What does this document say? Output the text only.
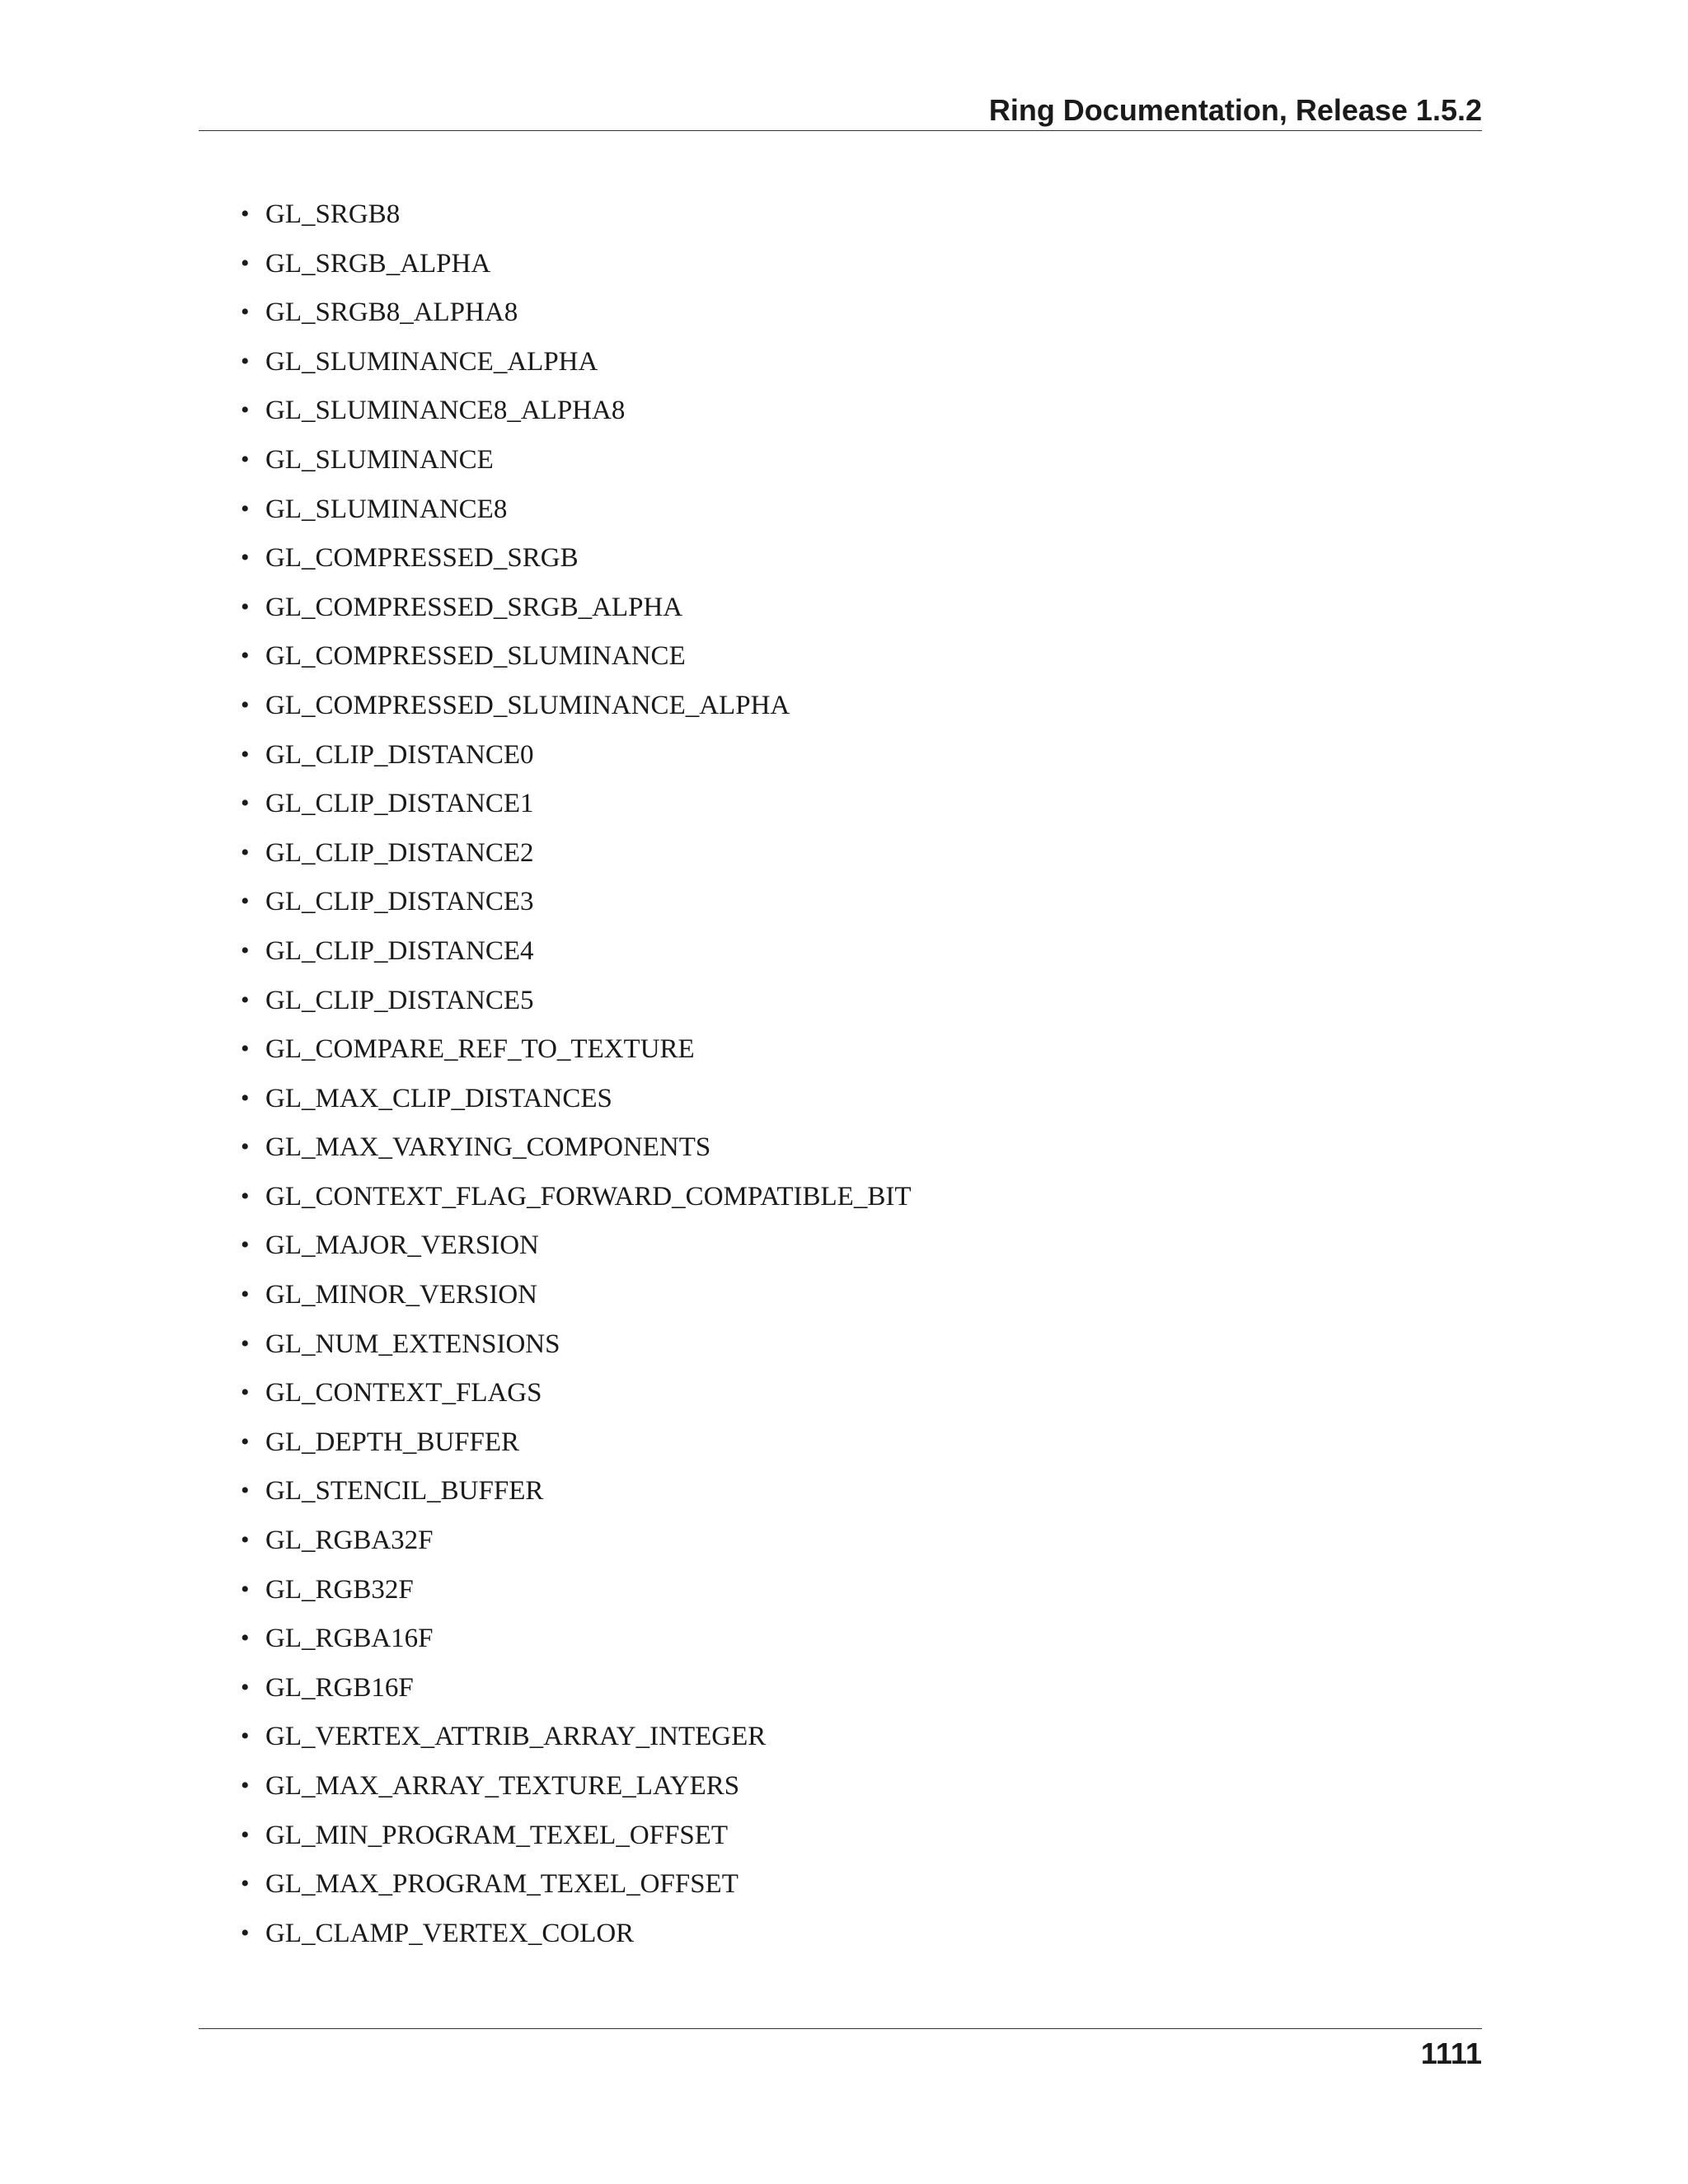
Ring Documentation, Release 1.5.2
• GL_SRGB8
• GL_SRGB_ALPHA
• GL_SRGB8_ALPHA8
• GL_SLUMINANCE_ALPHA
• GL_SLUMINANCE8_ALPHA8
• GL_SLUMINANCE
• GL_SLUMINANCE8
• GL_COMPRESSED_SRGB
• GL_COMPRESSED_SRGB_ALPHA
• GL_COMPRESSED_SLUMINANCE
• GL_COMPRESSED_SLUMINANCE_ALPHA
• GL_CLIP_DISTANCE0
• GL_CLIP_DISTANCE1
• GL_CLIP_DISTANCE2
• GL_CLIP_DISTANCE3
• GL_CLIP_DISTANCE4
• GL_CLIP_DISTANCE5
• GL_COMPARE_REF_TO_TEXTURE
• GL_MAX_CLIP_DISTANCES
• GL_MAX_VARYING_COMPONENTS
• GL_CONTEXT_FLAG_FORWARD_COMPATIBLE_BIT
• GL_MAJOR_VERSION
• GL_MINOR_VERSION
• GL_NUM_EXTENSIONS
• GL_CONTEXT_FLAGS
• GL_DEPTH_BUFFER
• GL_STENCIL_BUFFER
• GL_RGBA32F
• GL_RGB32F
• GL_RGBA16F
• GL_RGB16F
• GL_VERTEX_ATTRIB_ARRAY_INTEGER
• GL_MAX_ARRAY_TEXTURE_LAYERS
• GL_MIN_PROGRAM_TEXEL_OFFSET
• GL_MAX_PROGRAM_TEXEL_OFFSET
• GL_CLAMP_VERTEX_COLOR
1111
